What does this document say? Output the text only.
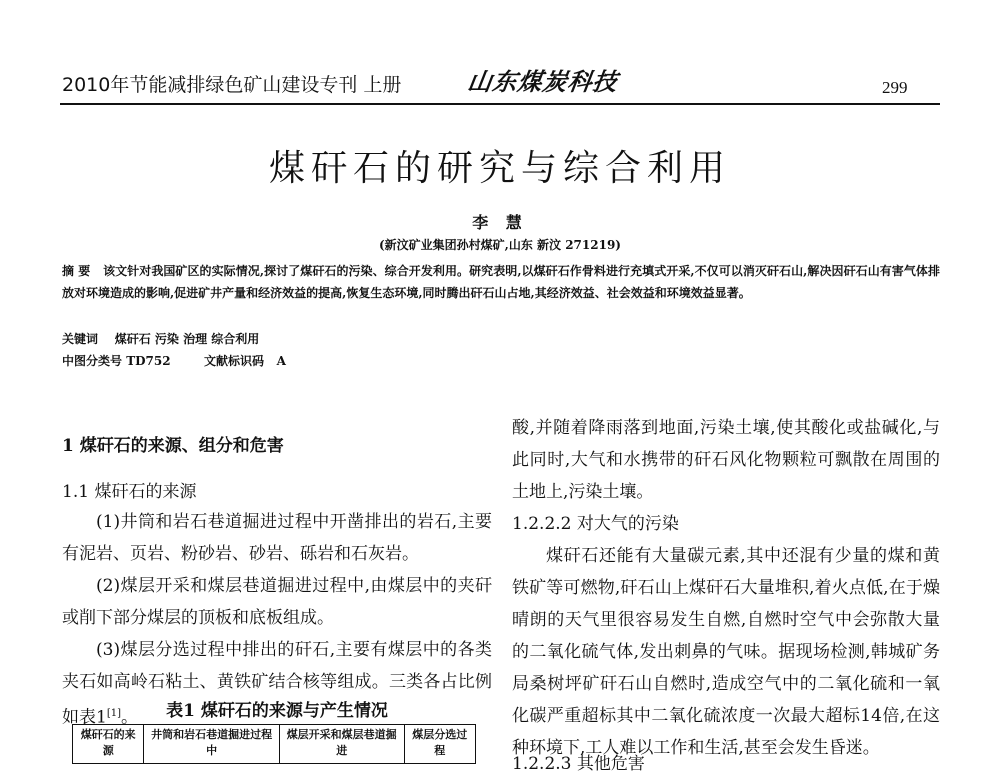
2010年节能减排绿色矿山建设专刊 上册	山东煤炭科技	299
煤矸石的研究与综合利用
李 慧
(新汶矿业集团孙村煤矿,山东 新汶 271219)
摘 要 该文针对我国矿区的实际情况,探讨了煤矸石的污染、综合开发利用。研究表明,以煤矸石作骨料进行充填式开采,不仅可以消灭矸石山,解决因矸石山有害气体排放对环境造成的影响,促进矿井产量和经济效益的提高,恢复生态环境,同时腾出矸石山占地,其经济效益、社会效益和环境效益显著。
关键词 煤矸石 污染 治理 综合利用
中图分类号 TD752	文献标识码 A
1 煤矸石的来源、组分和危害
1.1 煤矸石的来源
(1)井筒和岩石巷道掘进过程中开凿排出的岩石,主要有泥岩、页岩、粉砂岩、砂岩、砾岩和石灰岩。
(2)煤层开采和煤层巷道掘进过程中,由煤层中的夹矸或削下部分煤层的顶板和底板组成。
(3)煤层分选过程中排出的矸石,主要有煤层中的各类夹石如高岭石粘土、黄铁矿结合核等组成。三类各占比例如表1[1]。	表1 煤矸石的来源与产生情况
煤矸石的来源	井筒和岩石巷道掘进过程中	煤层开采和煤层巷道掘进	煤层分选过程
酸,并随着降雨落到地面,污染土壤,使其酸化或盐碱化,与此同时,大气和水携带的矸石风化物颗粒可飘散在周围的土地上,污染土壤。
1.2.2.2 对大气的污染
煤矸石还能有大量碳元素,其中还混有少量的煤和黄铁矿等可燃物,矸石山上煤矸石大量堆积,着火点低,在于燥晴朗的天气里很容易发生自燃,自燃时空气中会弥散大量的二氧化硫气体,发出刺鼻的气味。据现场检测,韩城矿务局桑树坪矿矸石山自燃时,造成空气中的二氧化硫和一氧化碳严重超标其中二氧化硫浓度一次最大超标14倍,在这种环境下,工人难以工作和生活,甚至会发生昏迷。
1.2.2.3 其他危害
